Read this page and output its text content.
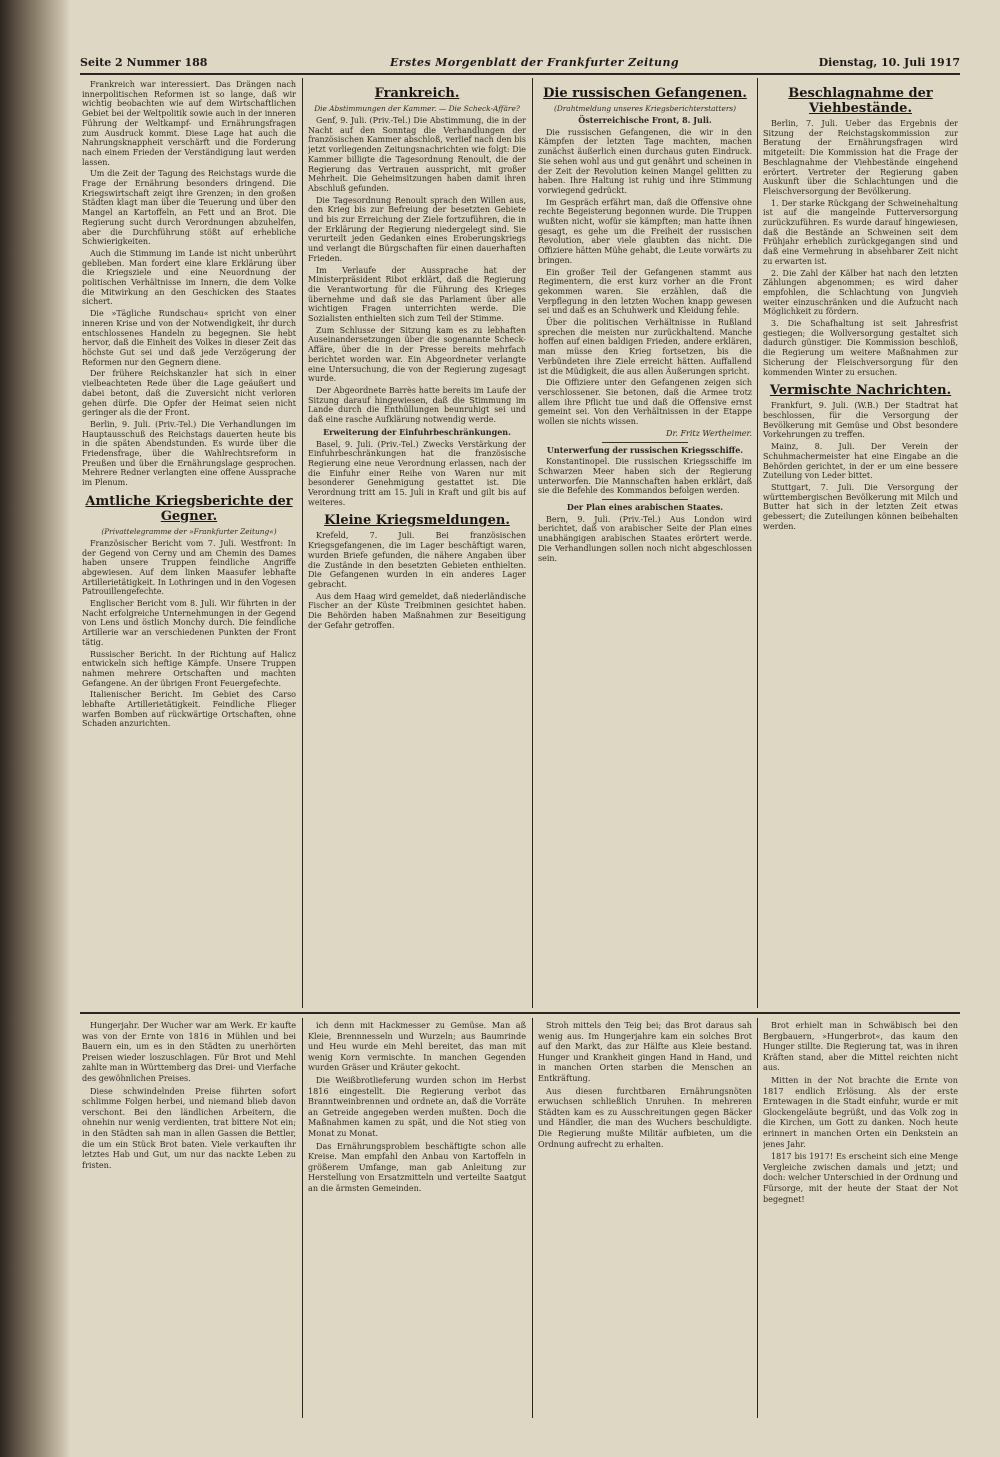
Seite 2 Nummer 188	Erstes Morgenblatt der Frankfurter Zeitung	Dienstag, 10. Juli 1917

Frankreich war interessiert. Das Drängen nach innerpolitischen Reformen ist so lange, daß wir wichtig beobachten wie auf dem Wirtschaftlichen Gebiet bei der Weltpolitik sowie auch in der inneren Führung der Weltkampf- und Ernährungsfragen zum Ausdruck kommt. Diese Lage hat auch die Nahrungsknappheit verschärft und die Forderung nach einem Frieden der Verständigung laut werden lassen.

Um die Zeit der Tagung des Reichstags wurde die Frage der Ernährung besonders dringend. Die Kriegswirtschaft zeigt ihre Grenzen; in den großen Städten klagt man über die Teuerung und über den Mangel an Kartoffeln, an Fett und an Brot. Die Regierung sucht durch Verordnungen abzuhelfen, aber die Durchführung stößt auf erhebliche Schwierigkeiten.

Auch die Stimmung im Lande ist nicht unberührt geblieben. Man fordert eine klare Erklärung über die Kriegsziele und eine Neuordnung der politischen Verhältnisse im Innern, die dem Volke die Mitwirkung an den Geschicken des Staates sichert.

Die »Tägliche Rundschau« spricht von einer inneren Krise und von der Notwendigkeit, ihr durch entschlossenes Handeln zu begegnen. Sie hebt hervor, daß die Einheit des Volkes in dieser Zeit das höchste Gut sei und daß jede Verzögerung der Reformen nur den Gegnern diene.

Der frühere Reichskanzler hat sich in einer vielbeachteten Rede über die Lage geäußert und dabei betont, daß die Zuversicht nicht verloren gehen dürfe. Die Opfer der Heimat seien nicht geringer als die der Front.

Berlin, 9. Juli. (Priv.-Tel.) Die Verhandlungen im Hauptausschuß des Reichstags dauerten heute bis in die späten Abendstunden. Es wurde über die Friedensfrage, über die Wahlrechtsreform in Preußen und über die Ernährungslage gesprochen. Mehrere Redner verlangten eine offene Aussprache im Plenum.

Amtliche Kriegsberichte der Gegner.
(Privattelegramme der »Frankfurter Zeitung«)

Französischer Bericht vom 7. Juli. Westfront: In der Gegend von Cerny und am Chemin des Dames haben unsere Truppen feindliche Angriffe abgewiesen. Auf dem linken Maasufer lebhafte Artillerietätigkeit. In Lothringen und in den Vogesen Patrouillengefechte.

Englischer Bericht vom 8. Juli. Wir führten in der Nacht erfolgreiche Unternehmungen in der Gegend von Lens und östlich Monchy durch. Die feindliche Artillerie war an verschiedenen Punkten der Front tätig.

Russischer Bericht. In der Richtung auf Halicz entwickeln sich heftige Kämpfe. Unsere Truppen nahmen mehrere Ortschaften und machten Gefangene. An der übrigen Front Feuergefechte.

Italienischer Bericht. Im Gebiet des Carso lebhafte Artillerietätigkeit. Feindliche Flieger warfen Bomben auf rückwärtige Ortschaften, ohne Schaden anzurichten.

Frankreich.
Die Abstimmungen der Kammer. — Die Scheck-Affäre?

Genf, 9. Juli. (Priv.-Tel.) Die Abstimmung, die in der Nacht auf den Sonntag die Verhandlungen der französischen Kammer abschloß, verlief nach den bis jetzt vorliegenden Zeitungsnachrichten wie folgt: Die Kammer billigte die Tagesordnung Renoult, die der Regierung das Vertrauen ausspricht, mit großer Mehrheit. Die Geheimsitzungen haben damit ihren Abschluß gefunden.

Die Tagesordnung Renoult sprach den Willen aus, den Krieg bis zur Befreiung der besetzten Gebiete und bis zur Erreichung der Ziele fortzuführen, die in der Erklärung der Regierung niedergelegt sind. Sie verurteilt jeden Gedanken eines Eroberungskriegs und verlangt die Bürgschaften für einen dauerhaften Frieden.

Im Verlaufe der Aussprache hat der Ministerpräsident Ribot erklärt, daß die Regierung die Verantwortung für die Führung des Krieges übernehme und daß sie das Parlament über alle wichtigen Fragen unterrichten werde. Die Sozialisten enthielten sich zum Teil der Stimme.

Zum Schlusse der Sitzung kam es zu lebhaften Auseinandersetzungen über die sogenannte Scheck-Affäre, über die in der Presse bereits mehrfach berichtet worden war. Ein Abgeordneter verlangte eine Untersuchung, die von der Regierung zugesagt wurde.

Der Abgeordnete Barrès hatte bereits im Laufe der Sitzung darauf hingewiesen, daß die Stimmung im Lande durch die Enthüllungen beunruhigt sei und daß eine rasche Aufklärung notwendig werde.

Erweiterung der Einfuhrbeschränkungen.

Basel, 9. Juli. (Priv.-Tel.) Zwecks Verstärkung der Einfuhrbeschränkungen hat die französische Regierung eine neue Verordnung erlassen, nach der die Einfuhr einer Reihe von Waren nur mit besonderer Genehmigung gestattet ist. Die Verordnung tritt am 15. Juli in Kraft und gilt bis auf weiteres.

Kleine Kriegsmeldungen.

Krefeld, 7. Juli. Bei französischen Kriegsgefangenen, die im Lager beschäftigt waren, wurden Briefe gefunden, die nähere Angaben über die Zustände in den besetzten Gebieten enthielten. Die Gefangenen wurden in ein anderes Lager gebracht.

Aus dem Haag wird gemeldet, daß niederländische Fischer an der Küste Treibminen gesichtet haben. Die Behörden haben Maßnahmen zur Beseitigung der Gefahr getroffen.

Die russischen Gefangenen.
(Drahtmeldung unseres Kriegsberichterstatters)
Österreichische Front, 8. Juli.

Die russischen Gefangenen, die wir in den Kämpfen der letzten Tage machten, machen zunächst äußerlich einen durchaus guten Eindruck. Sie sehen wohl aus und gut genährt und scheinen in der Zeit der Revolution keinen Mangel gelitten zu haben. Ihre Haltung ist ruhig und ihre Stimmung vorwiegend gedrückt.

Im Gespräch erfährt man, daß die Offensive ohne rechte Begeisterung begonnen wurde. Die Truppen wußten nicht, wofür sie kämpften; man hatte ihnen gesagt, es gehe um die Freiheit der russischen Revolution, aber viele glaubten das nicht. Die Offiziere hätten Mühe gehabt, die Leute vorwärts zu bringen.

Ein großer Teil der Gefangenen stammt aus Regimentern, die erst kurz vorher an die Front gekommen waren. Sie erzählen, daß die Verpflegung in den letzten Wochen knapp gewesen sei und daß es an Schuhwerk und Kleidung fehle.

Über die politischen Verhältnisse in Rußland sprechen die meisten nur zurückhaltend. Manche hoffen auf einen baldigen Frieden, andere erklären, man müsse den Krieg fortsetzen, bis die Verbündeten ihre Ziele erreicht hätten. Auffallend ist die Müdigkeit, die aus allen Äußerungen spricht.

Die Offiziere unter den Gefangenen zeigen sich verschlossener. Sie betonen, daß die Armee trotz allem ihre Pflicht tue und daß die Offensive ernst gemeint sei. Von den Verhältnissen in der Etappe wollen sie nichts wissen.

Dr. Fritz Wertheimer.
Unterwerfung der russischen Kriegsschiffe.

Konstantinopel. Die russischen Kriegsschiffe im Schwarzen Meer haben sich der Regierung unterworfen. Die Mannschaften haben erklärt, daß sie die Befehle des Kommandos befolgen werden.

Der Plan eines arabischen Staates.

Bern, 9. Juli. (Priv.-Tel.) Aus London wird berichtet, daß von arabischer Seite der Plan eines unabhängigen arabischen Staates erörtert werde. Die Verhandlungen sollen noch nicht abgeschlossen sein.

Beschlagnahme der Viehbestände.

Berlin, 7. Juli. Ueber das Ergebnis der Sitzung der Reichstagskommission zur Beratung der Ernährungsfragen wird mitgeteilt: Die Kommission hat die Frage der Beschlagnahme der Viehbestände eingehend erörtert. Vertreter der Regierung gaben Auskunft über die Schlachtungen und die Fleischversorgung der Bevölkerung.

1. Der starke Rückgang der Schweinehaltung ist auf die mangelnde Futterversorgung zurückzuführen. Es wurde darauf hingewiesen, daß die Bestände an Schweinen seit dem Frühjahr erheblich zurückgegangen sind und daß eine Vermehrung in absehbarer Zeit nicht zu erwarten ist.

2. Die Zahl der Kälber hat nach den letzten Zählungen abgenommen; es wird daher empfohlen, die Schlachtung von Jungvieh weiter einzuschränken und die Aufzucht nach Möglichkeit zu fördern.

3. Die Schafhaltung ist seit Jahresfrist gestiegen; die Wollversorgung gestaltet sich dadurch günstiger. Die Kommission beschloß, die Regierung um weitere Maßnahmen zur Sicherung der Fleischversorgung für den kommenden Winter zu ersuchen.

Vermischte Nachrichten.

Frankfurt, 9. Juli. (W.B.) Der Stadtrat hat beschlossen, für die Versorgung der Bevölkerung mit Gemüse und Obst besondere Vorkehrungen zu treffen.

Mainz, 8. Juli. Der Verein der Schuhmachermeister hat eine Eingabe an die Behörden gerichtet, in der er um eine bessere Zuteilung von Leder bittet.

Stuttgart, 7. Juli. Die Versorgung der württembergischen Bevölkerung mit Milch und Butter hat sich in der letzten Zeit etwas gebessert; die Zuteilungen können beibehalten werden.

Hungerjahr. Der Wucher war am Werk. Er kaufte was von der Ernte von 1816 in Mühlen und bei Bauern ein, um es in den Städten zu unerhörten Preisen wieder loszuschlagen. Für Brot und Mehl zahlte man in Württemberg das Drei- und Vierfache des gewöhnlichen Preises.

Diese schwindelnden Preise führten sofort schlimme Folgen herbei, und niemand blieb davon verschont. Bei den ländlichen Arbeitern, die ohnehin nur wenig verdienten, trat bittere Not ein; in den Städten sah man in allen Gassen die Bettler, die um ein Stück Brot baten. Viele verkauften ihr letztes Hab und Gut, um nur das nackte Leben zu fristen.

ich denn mit Hackmesser zu Gemüse. Man aß Kleie, Brennnesseln und Wurzeln; aus Baumrinde und Heu wurde ein Mehl bereitet, das man mit wenig Korn vermischte. In manchen Gegenden wurden Gräser und Kräuter gekocht.

Die Weißbrotlieferung wurden schon im Herbst 1816 eingestellt. Die Regierung verbot das Branntweinbrennen und ordnete an, daß die Vorräte an Getreide angegeben werden mußten. Doch die Maßnahmen kamen zu spät, und die Not stieg von Monat zu Monat.

Das Ernährungsproblem beschäftigte schon alle Kreise. Man empfahl den Anbau von Kartoffeln in größerem Umfange, man gab Anleitung zur Herstellung von Ersatzmitteln und verteilte Saatgut an die ärmsten Gemeinden.

Stroh mittels den Teig bei; das Brot daraus sah wenig aus. Im Hungerjahre kam ein solches Brot auf den Markt, das zur Hälfte aus Kleie bestand. Hunger und Krankheit gingen Hand in Hand, und in manchen Orten starben die Menschen an Entkräftung.

Aus diesen furchtbaren Ernährungsnöten erwuchsen schließlich Unruhen. In mehreren Städten kam es zu Ausschreitungen gegen Bäcker und Händler, die man des Wuchers beschuldigte. Die Regierung mußte Militär aufbieten, um die Ordnung aufrecht zu erhalten.

Brot erhielt man in Schwäbisch bei den Bergbauern, »Hungerbrot«, das kaum den Hunger stillte. Die Regierung tat, was in ihren Kräften stand, aber die Mittel reichten nicht aus.

Mitten in der Not brachte die Ernte von 1817 endlich Erlösung. Als der erste Erntewagen in die Stadt einfuhr, wurde er mit Glockengeläute begrüßt, und das Volk zog in die Kirchen, um Gott zu danken. Noch heute erinnert in manchen Orten ein Denkstein an jenes Jahr.

1817 bis 1917! Es erscheint sich eine Menge Vergleiche zwischen damals und jetzt; und doch: welcher Unterschied in der Ordnung und Fürsorge, mit der heute der Staat der Not begegnet!
